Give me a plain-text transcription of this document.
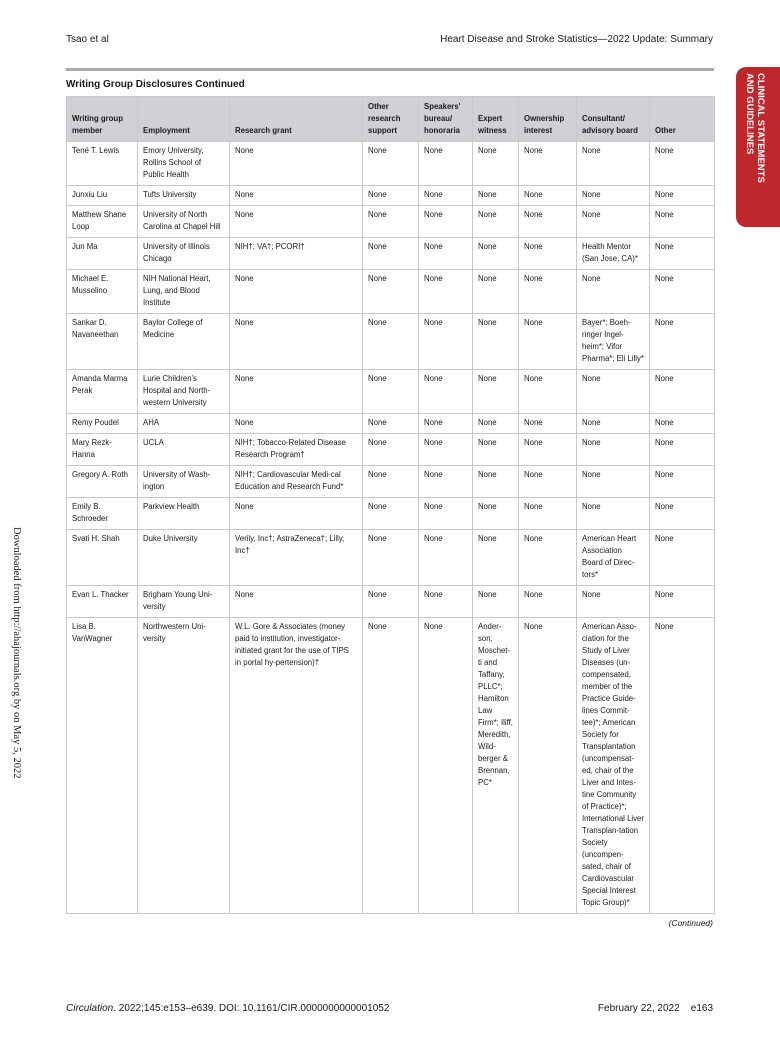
Tsao et al	Heart Disease and Stroke Statistics—2022 Update: Summary
CLINICAL STATEMENTS
AND GUIDELINES
Downloaded from http://ahajournals.org by on May 5, 2022
Writing Group Disclosures Continued
Writing group member	Employment	Research grant	Other research support	Speakers' bureau/ honoraria	Expert witness	Ownership interest	Consultant/ advisory board	Other
Tené T. Lewis	Emory University, Rollins School of Public Health	None	None	None	None	None	None	None
Junxiu Liu	Tufts University	None	None	None	None	None	None	None
Matthew Shane Loop	University of North Carolina at Chapel Hill	None	None	None	None	None	None	None
Jun Ma	University of Illinois Chicago	NIH†; VA†; PCORI†	None	None	None	None	Health Mentor (San Jose, CA)*	None
Michael E. Mussolino	NIH National Heart, Lung, and Blood Institute	None	None	None	None	None	None	None
Sankar D. Navaneethan	Baylor College of Medicine	None	None	None	None	None	Bayer*; Boeh-ringer Ingel-heim*; Vifor Pharma*; Eli Lilly*	None
Amanda Marma Perak	Lurie Children's Hospital and North-western University	None	None	None	None	None	None	None
Remy Poudel	AHA	None	None	None	None	None	None	None
Mary Rezk-Hanna	UCLA	NIH†; Tobacco-Related Disease Research Program†	None	None	None	None	None	None
Gregory A. Roth	University of Wash-ington	NIH†; Cardiovascular Medi-cal Education and Research Fund*	None	None	None	None	None	None
Emily B. Schroeder	Parkview Health	None	None	None	None	None	None	None
Svati H. Shah	Duke University	Verily, Inc†; AstraZeneca†; Lilly, Inc†	None	None	None	None	American Heart Association Board of Direc-tors*	None
Evan L. Thacker	Brigham Young Uni-versity	None	None	None	None	None	None	None
Lisa B. VanWagner	Northwestern Uni-versity	W.L. Gore & Associates (money paid to institution, investigator-initiated grant for the use of TIPS in portal hy-pertension)†	None	None	Ander-son, Moschet-ti and Taffany, PLLC*; Hamilton Law Firm*; Iliff, Meredith, Wild-berger & Brennan, PC*	None	American Asso-ciation for the Study of Liver Diseases (un-compensated, member of the Practice Guide-lines Commit-tee)*; American Society for Transplantation (uncompensat-ed, chair of the Liver and Intes-tine Community of Practice)*; International Liver Transplan-tation Society (uncompen-sated, chair of Cardiovascular Special Interest Topic Group)*	None
(Continued)
Circulation. 2022;145:e153–e639. DOI: 10.1161/CIR.0000000000001052	February 22, 2022    e163
